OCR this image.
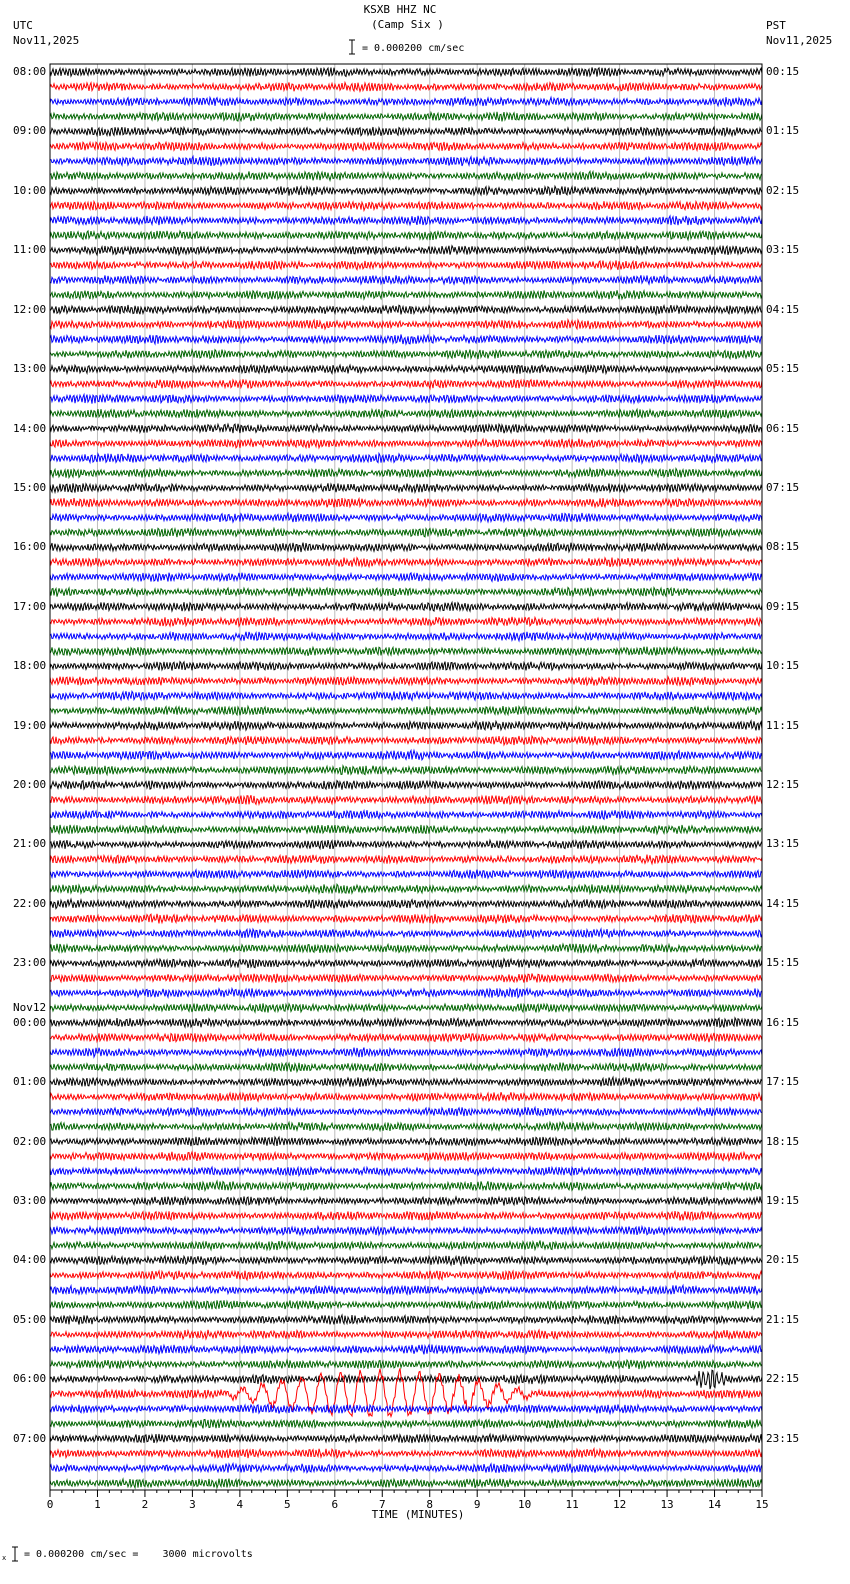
0	1	2	3	4	5	6	7	8	9	10	11	12	13	14	15
x
KSXB HHZ NC
(Camp Six )
= 0.000200 cm/sec
UTC
Nov11,2025
PST
Nov11,2025
TIME (MINUTES)
= 0.000200 cm/sec =    3000 microvolts
08:00
09:00
10:00
11:00
12:00
13:00
14:00
15:00
16:00
17:00
18:00
19:00
20:00
21:00
22:00
23:00
00:00
Nov12
01:00
02:00
03:00
04:00
05:00
06:00
07:00
00:15
01:15
02:15
03:15
04:15
05:15
06:15
07:15
08:15
09:15
10:15
11:15
12:15
13:15
14:15
15:15
16:15
17:15
18:15
19:15
20:15
21:15
22:15
23:15
